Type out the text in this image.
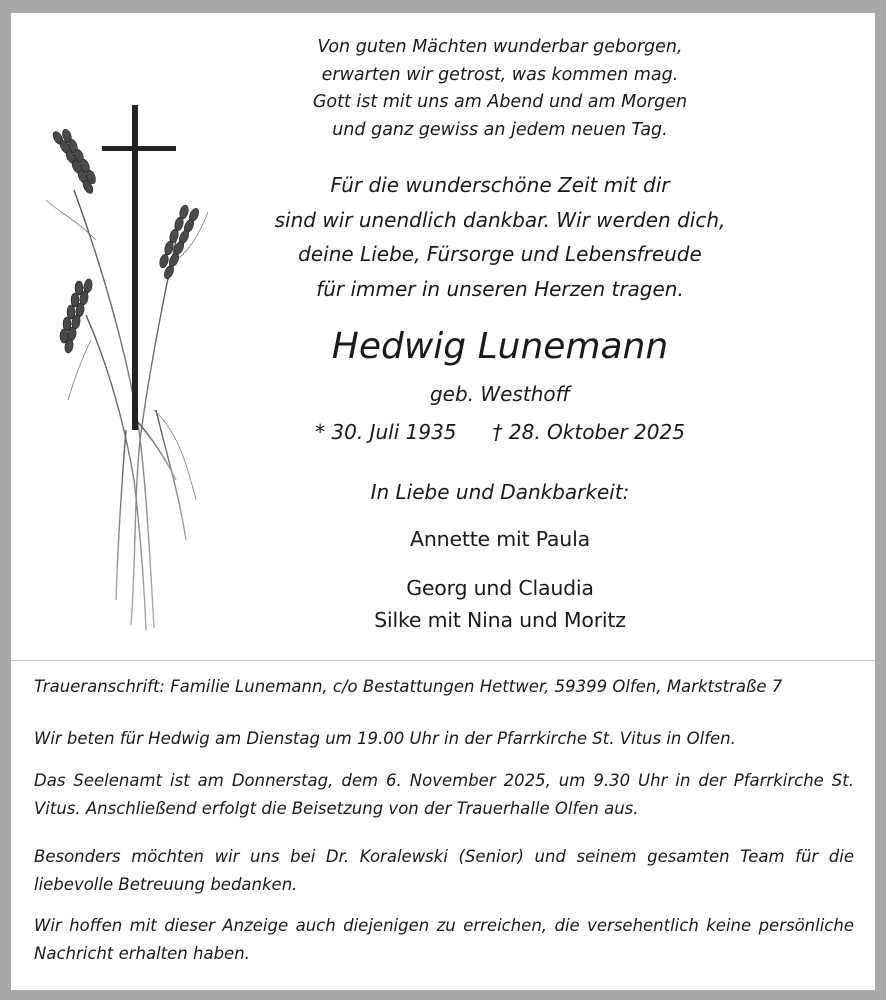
Von guten Mächten wunderbar geborgen,

erwarten wir getrost, was kommen mag.

Gott ist mit uns am Abend und am Morgen

und ganz gewiss an jedem neuen Tag.

Für die wunderschöne Zeit mit dir

sind wir unendlich dankbar. Wir werden dich,

deine Liebe, Fürsorge und Lebensfreude

für immer in unseren Herzen tragen.

Hedwig Lunemann

geb. Westhoff

* 30. Juli 1935 † 28. Oktober 2025

In Liebe und Dankbarkeit:

Annette mit Paula

Georg und Claudia

Silke mit Nina und Moritz

Traueranschrift: Familie Lunemann, c/o Bestattungen Hettwer, 59399 Olfen, Marktstraße 7

Wir beten für Hedwig am Dienstag um 19.00 Uhr in der Pfarrkirche St. Vitus in Olfen.

Das Seelenamt ist am Donnerstag, dem 6. November 2025, um 9.30 Uhr in der Pfarrkirche St. Vitus. Anschließend erfolgt die Beisetzung von der Trauerhalle Olfen aus.

Besonders möchten wir uns bei Dr. Koralewski (Senior) und seinem gesamten Team für die liebevolle Betreuung bedanken.

Wir hoffen mit dieser Anzeige auch diejenigen zu erreichen, die versehentlich keine persönliche Nachricht erhalten haben.
